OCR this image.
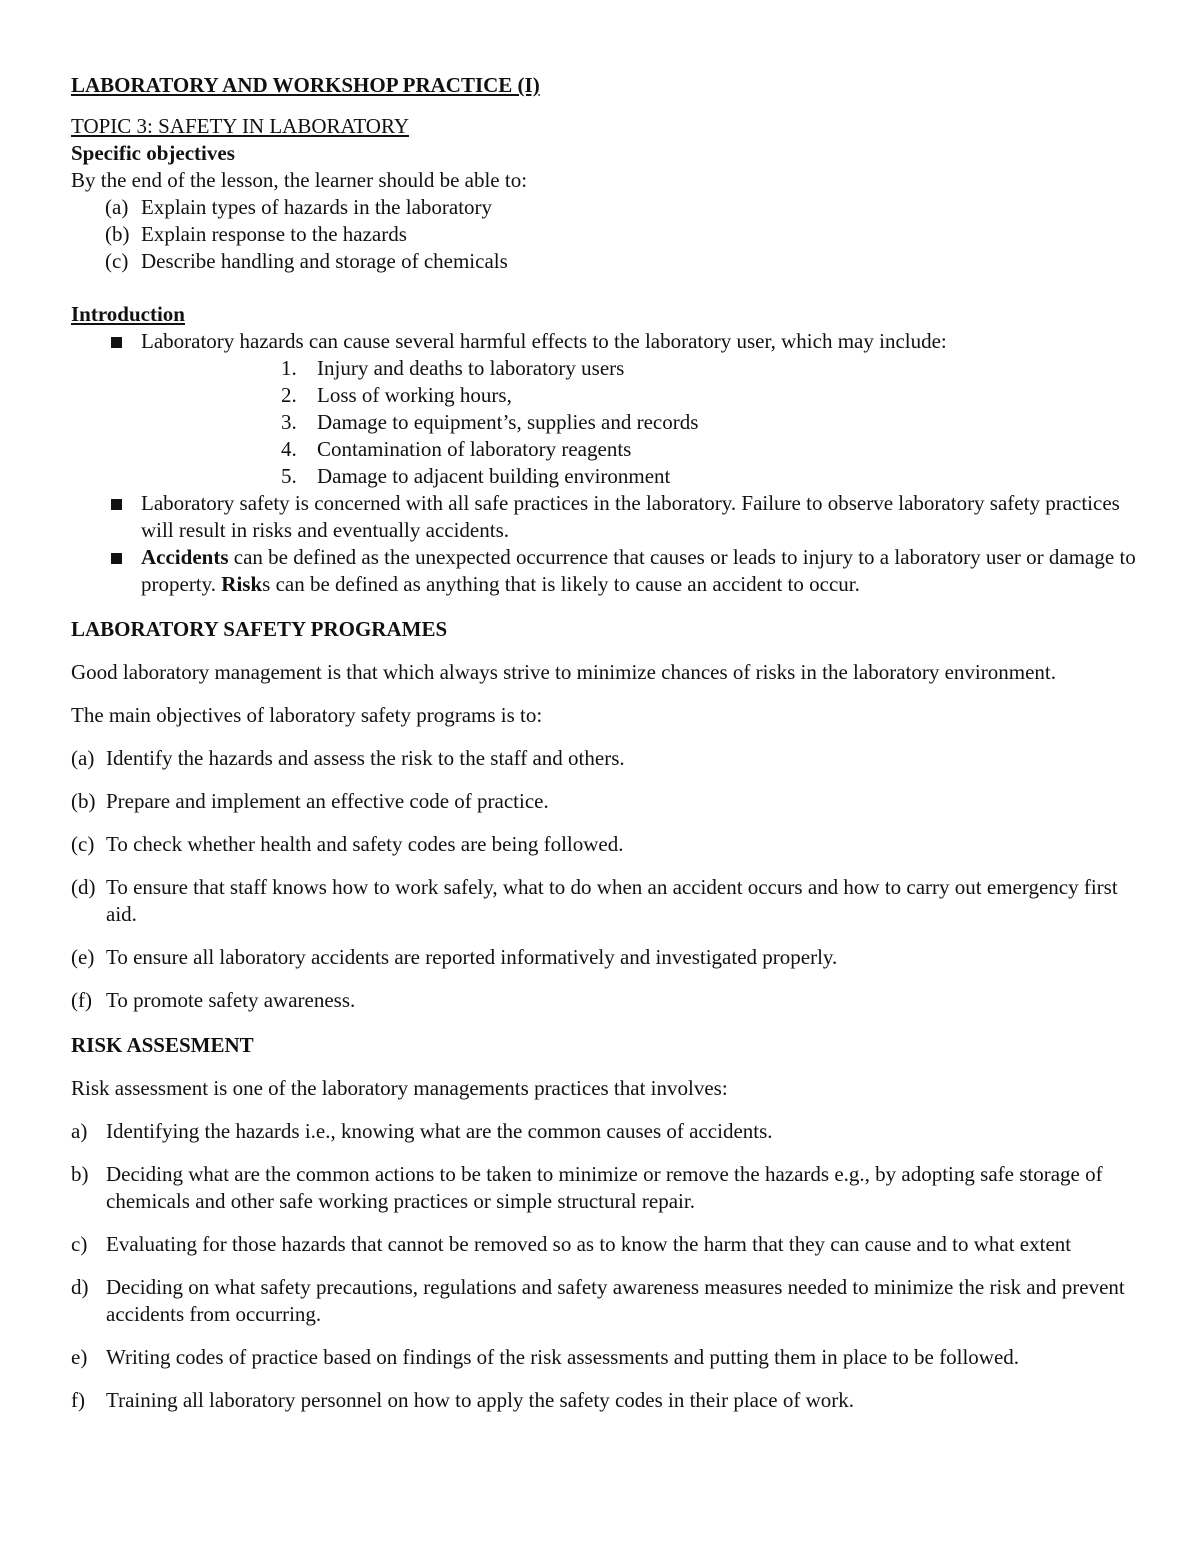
LABORATORY AND WORKSHOP PRACTICE (I)

TOPIC 3: SAFETY IN LABORATORY

Specific objectives

By the end of the lesson, the learner should be able to:

(a) Explain types of hazards in the laboratory
(b) Explain response to the hazards
(c) Describe handling and storage of chemicals

Introduction

Laboratory hazards can cause several harmful effects to the laboratory user, which may include:
1. Injury and deaths to laboratory users
2. Loss of working hours,
3. Damage to equipment’s, supplies and records
4. Contamination of laboratory reagents
5. Damage to adjacent building environment
Laboratory safety is concerned with all safe practices in the laboratory. Failure to observe laboratory safety practices will result in risks and eventually accidents.
Accidents can be defined as the unexpected occurrence that causes or leads to injury to a laboratory user or damage to property. Risks can be defined as anything that is likely to cause an accident to occur.

LABORATORY SAFETY PROGRAMES

Good laboratory management is that which always strive to minimize chances of risks in the laboratory environment.

The main objectives of laboratory safety programs is to:

(a) Identify the hazards and assess the risk to the staff and others.
(b) Prepare and implement an effective code of practice.
(c) To check whether health and safety codes are being followed.
(d) To ensure that staff knows how to work safely, what to do when an accident occurs and how to carry out emergency first aid.
(e) To ensure all laboratory accidents are reported informatively and investigated properly.
(f) To promote safety awareness.

RISK ASSESMENT

Risk assessment is one of the laboratory managements practices that involves:

a) Identifying the hazards i.e., knowing what are the common causes of accidents.
b) Deciding what are the common actions to be taken to minimize or remove the hazards e.g., by adopting safe storage of chemicals and other safe working practices or simple structural repair.
c) Evaluating for those hazards that cannot be removed so as to know the harm that they can cause and to what extent
d) Deciding on what safety precautions, regulations and safety awareness measures needed to minimize the risk and prevent accidents from occurring.
e) Writing codes of practice based on findings of the risk assessments and putting them in place to be followed.
f) Training all laboratory personnel on how to apply the safety codes in their place of work.
